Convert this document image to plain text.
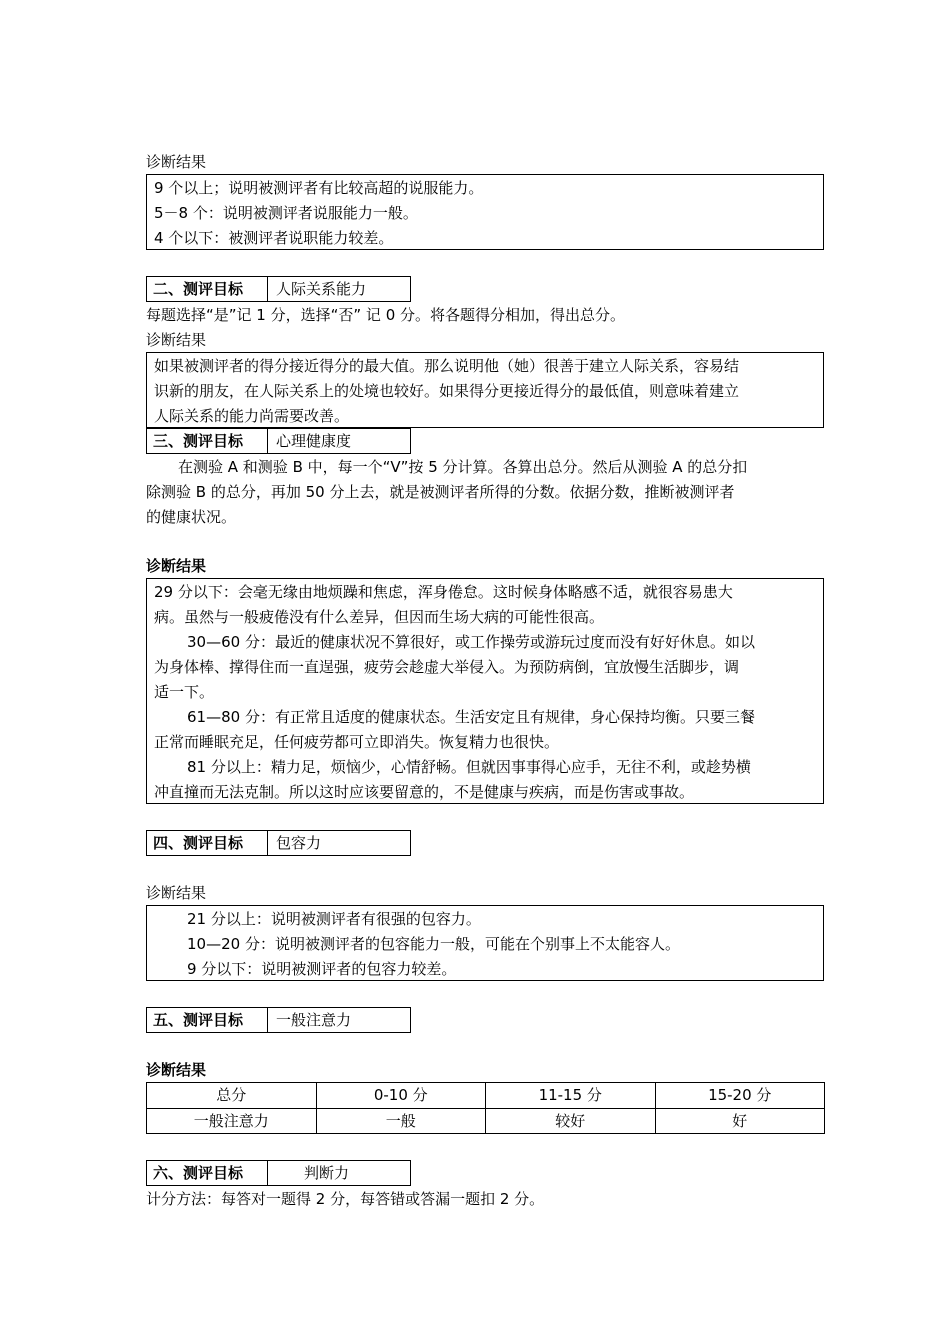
诊断结果
9 个以上；说明被测评者有比较高超的说服能力。
5－8 个：说明被测评者说服能力一般。
4 个以下：被测评者说职能力较差。
二、测评目标	人际关系能力
每题选择“是”记 1 分，选择“否” 记 0 分。将各题得分相加，得出总分。
诊断结果
如果被测评者的得分接近得分的最大值。那么说明他（她）很善于建立人际关系，容易结
识新的朋友，在人际关系上的处境也较好。如果得分更接近得分的最低值，则意味着建立
人际关系的能力尚需要改善。
三、测评目标	心理健康度
在测验 A 和测验 B 中，每一个“V”按 5 分计算。各算出总分。然后从测验 A 的总分扣
除测验 B 的总分，再加 50 分上去，就是被测评者所得的分数。依据分数，推断被测评者
的健康状况。
诊断结果
29 分以下：会毫无缘由地烦躁和焦虑，浑身倦怠。这时候身体略感不适，就很容易患大
病。虽然与一般疲倦没有什么差异，但因而生场大病的可能性很高。
30—60 分：最近的健康状况不算很好，或工作操劳或游玩过度而没有好好休息。如以
为身体棒、撑得住而一直逞强，疲劳会趁虚大举侵入。为预防病倒，宜放慢生活脚步，调
适一下。
61—80 分：有正常且适度的健康状态。生活安定且有规律，身心保持均衡。只要三餐
正常而睡眠充足，任何疲劳都可立即消失。恢复精力也很快。
81 分以上：精力足，烦恼少，心情舒畅。但就因事事得心应手，无往不利，或趁势横
冲直撞而无法克制。所以这时应该要留意的，不是健康与疾病，而是伤害或事故。
四、测评目标	包容力
诊断结果
21 分以上：说明被测评者有很强的包容力。
10—20 分：说明被测评者的包容能力一般，可能在个别事上不太能容人。
9 分以下：说明被测评者的包容力较差。
五、测评目标	一般注意力
诊断结果
总分	0-10 分	11-15 分	15-20 分
一般注意力	一般	较好	好
六、测评目标	判断力
计分方法：每答对一题得 2 分，每答错或答漏一题扣 2 分。
